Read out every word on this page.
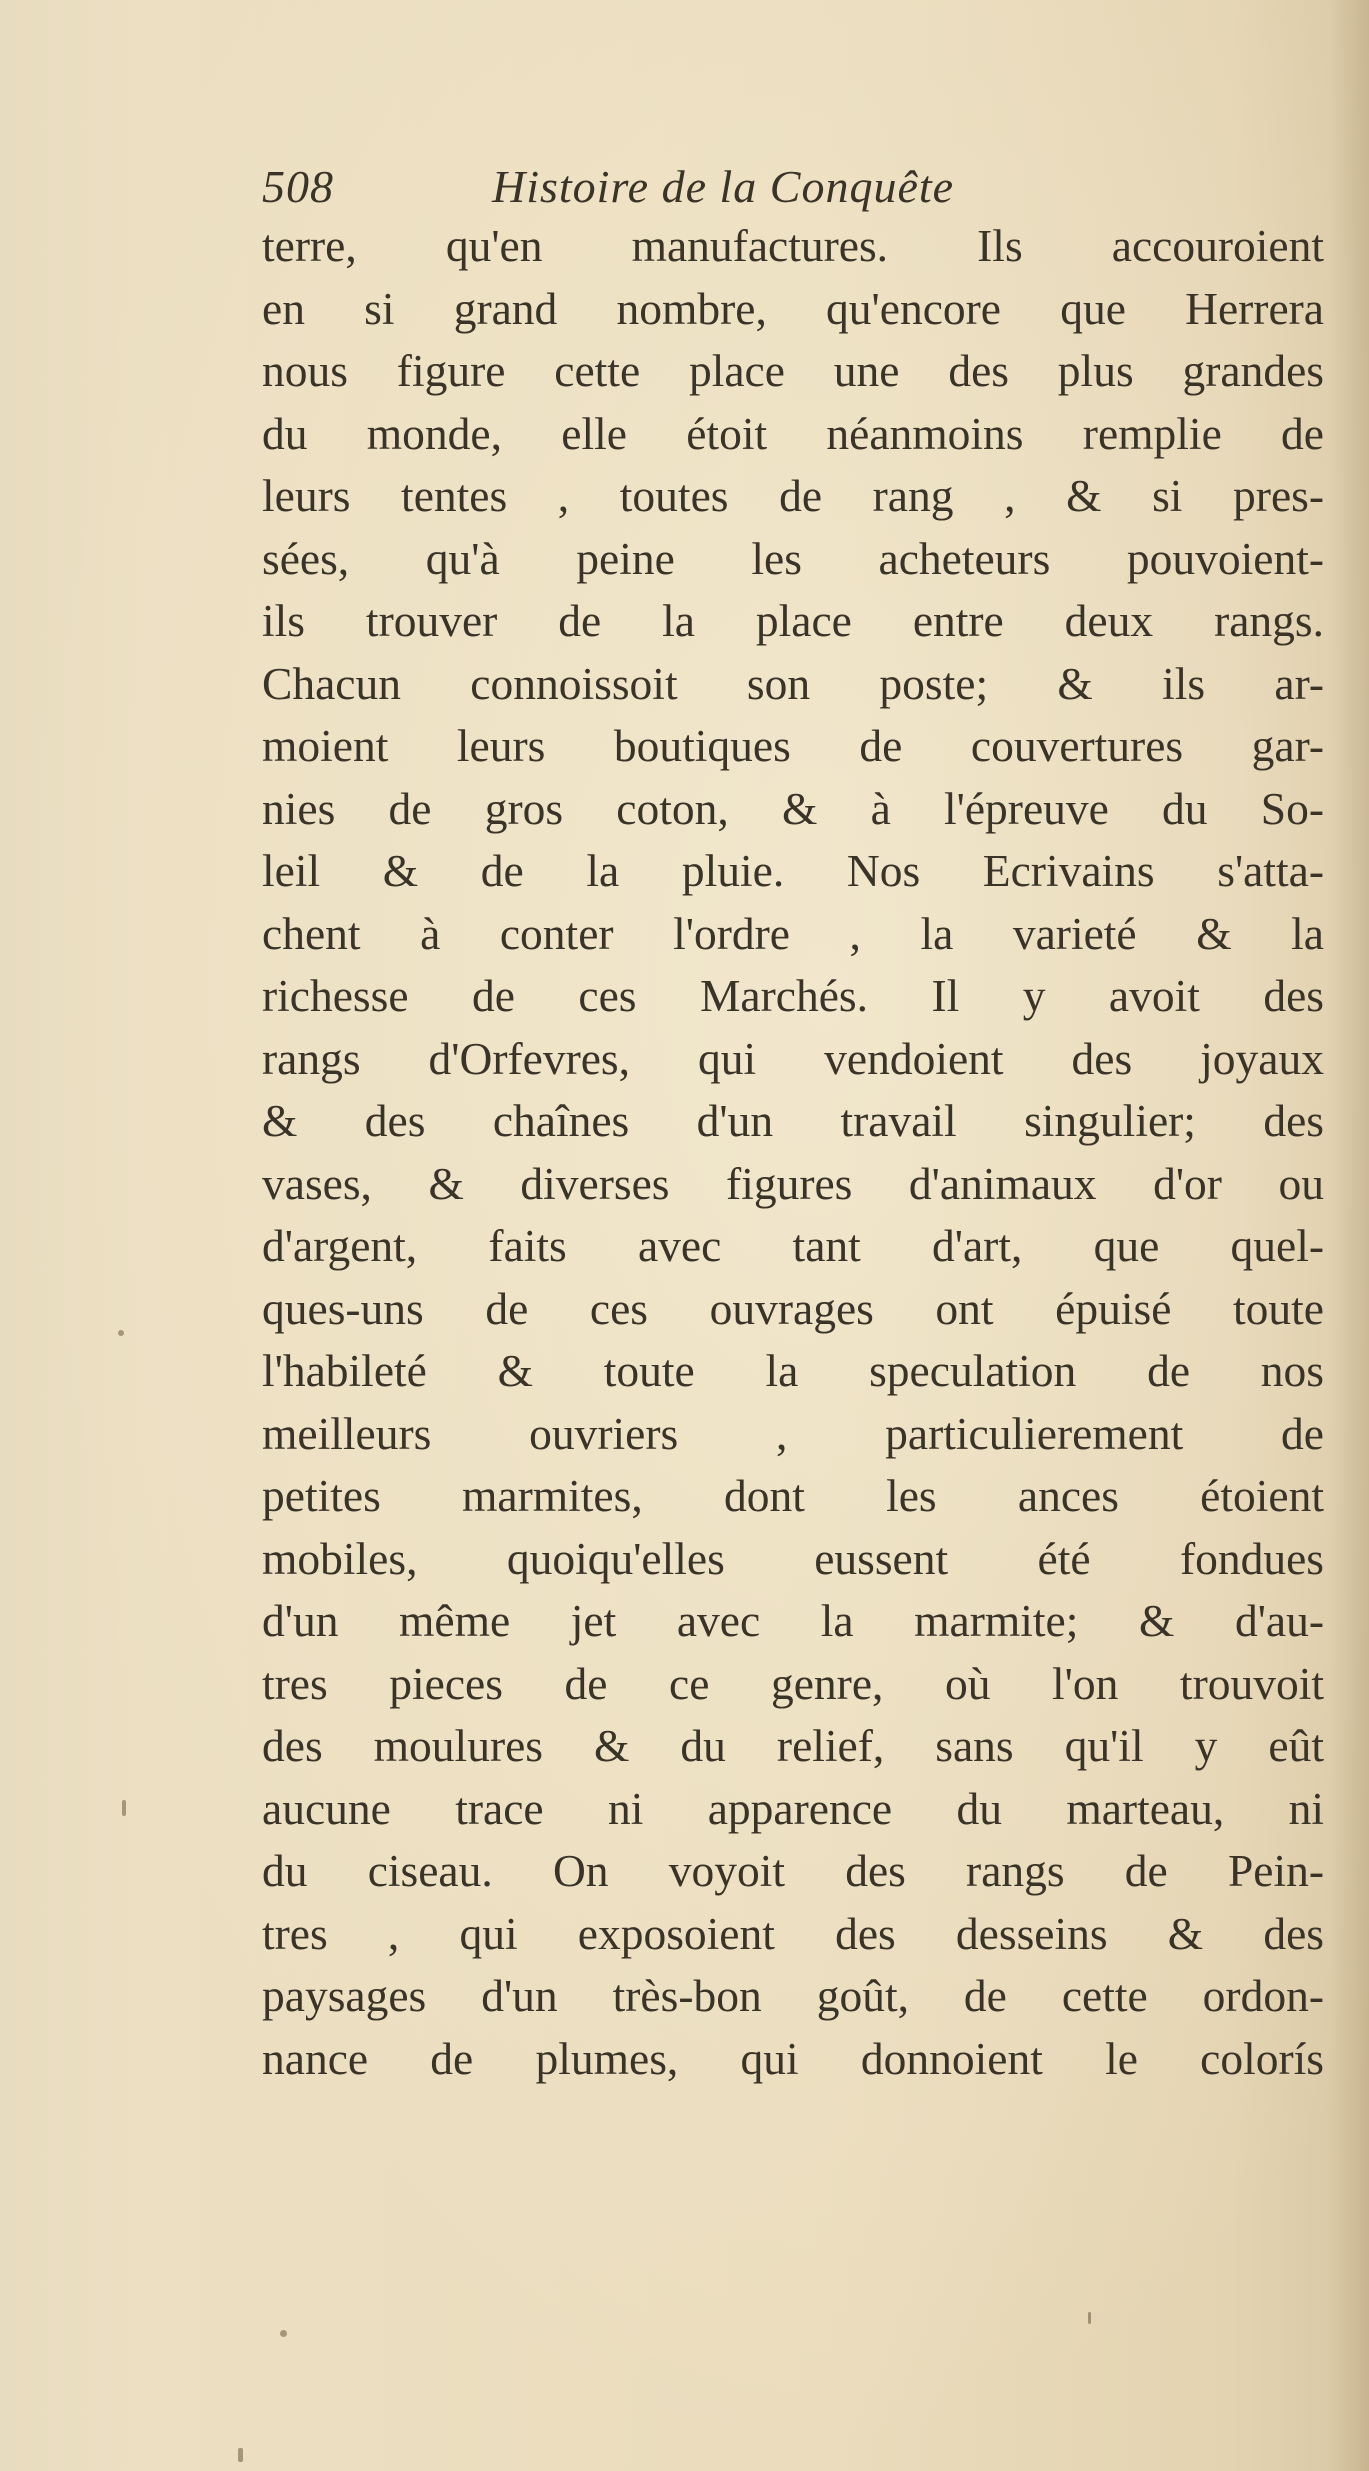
508	Histoire de la Conquête
terre, qu'en manufactures. Ils accouroient
en si grand nombre, qu'encore que Herrera
nous figure cette place une des plus grandes
du monde, elle étoit néanmoins remplie de
leurs tentes , toutes de rang , & si pres-
sées, qu'à peine les acheteurs pouvoient-
ils trouver de la place entre deux rangs.
Chacun connoissoit son poste; & ils ar-
moient leurs boutiques de couvertures gar-
nies de gros coton, & à l'épreuve du So-
leil & de la pluie. Nos Ecrivains s'atta-
chent à conter l'ordre , la varieté & la
richesse de ces Marchés. Il y avoit des
rangs d'Orfevres, qui vendoient des joyaux
& des chaînes d'un travail singulier; des
vases, & diverses figures d'animaux d'or ou
d'argent, faits avec tant d'art, que quel-
ques-uns de ces ouvrages ont épuisé toute
l'habileté & toute la speculation de nos
meilleurs ouvriers , particulierement de
petites marmites, dont les ances étoient
mobiles, quoiqu'elles eussent été fondues
d'un même jet avec la marmite; & d'au-
tres pieces de ce genre, où l'on trouvoit
des moulures & du relief, sans qu'il y eût
aucune trace ni apparence du marteau, ni
du ciseau. On voyoit des rangs de Pein-
tres , qui exposoient des desseins & des
paysages d'un très-bon goût, de cette ordon-
nance de plumes, qui donnoient le colorís
